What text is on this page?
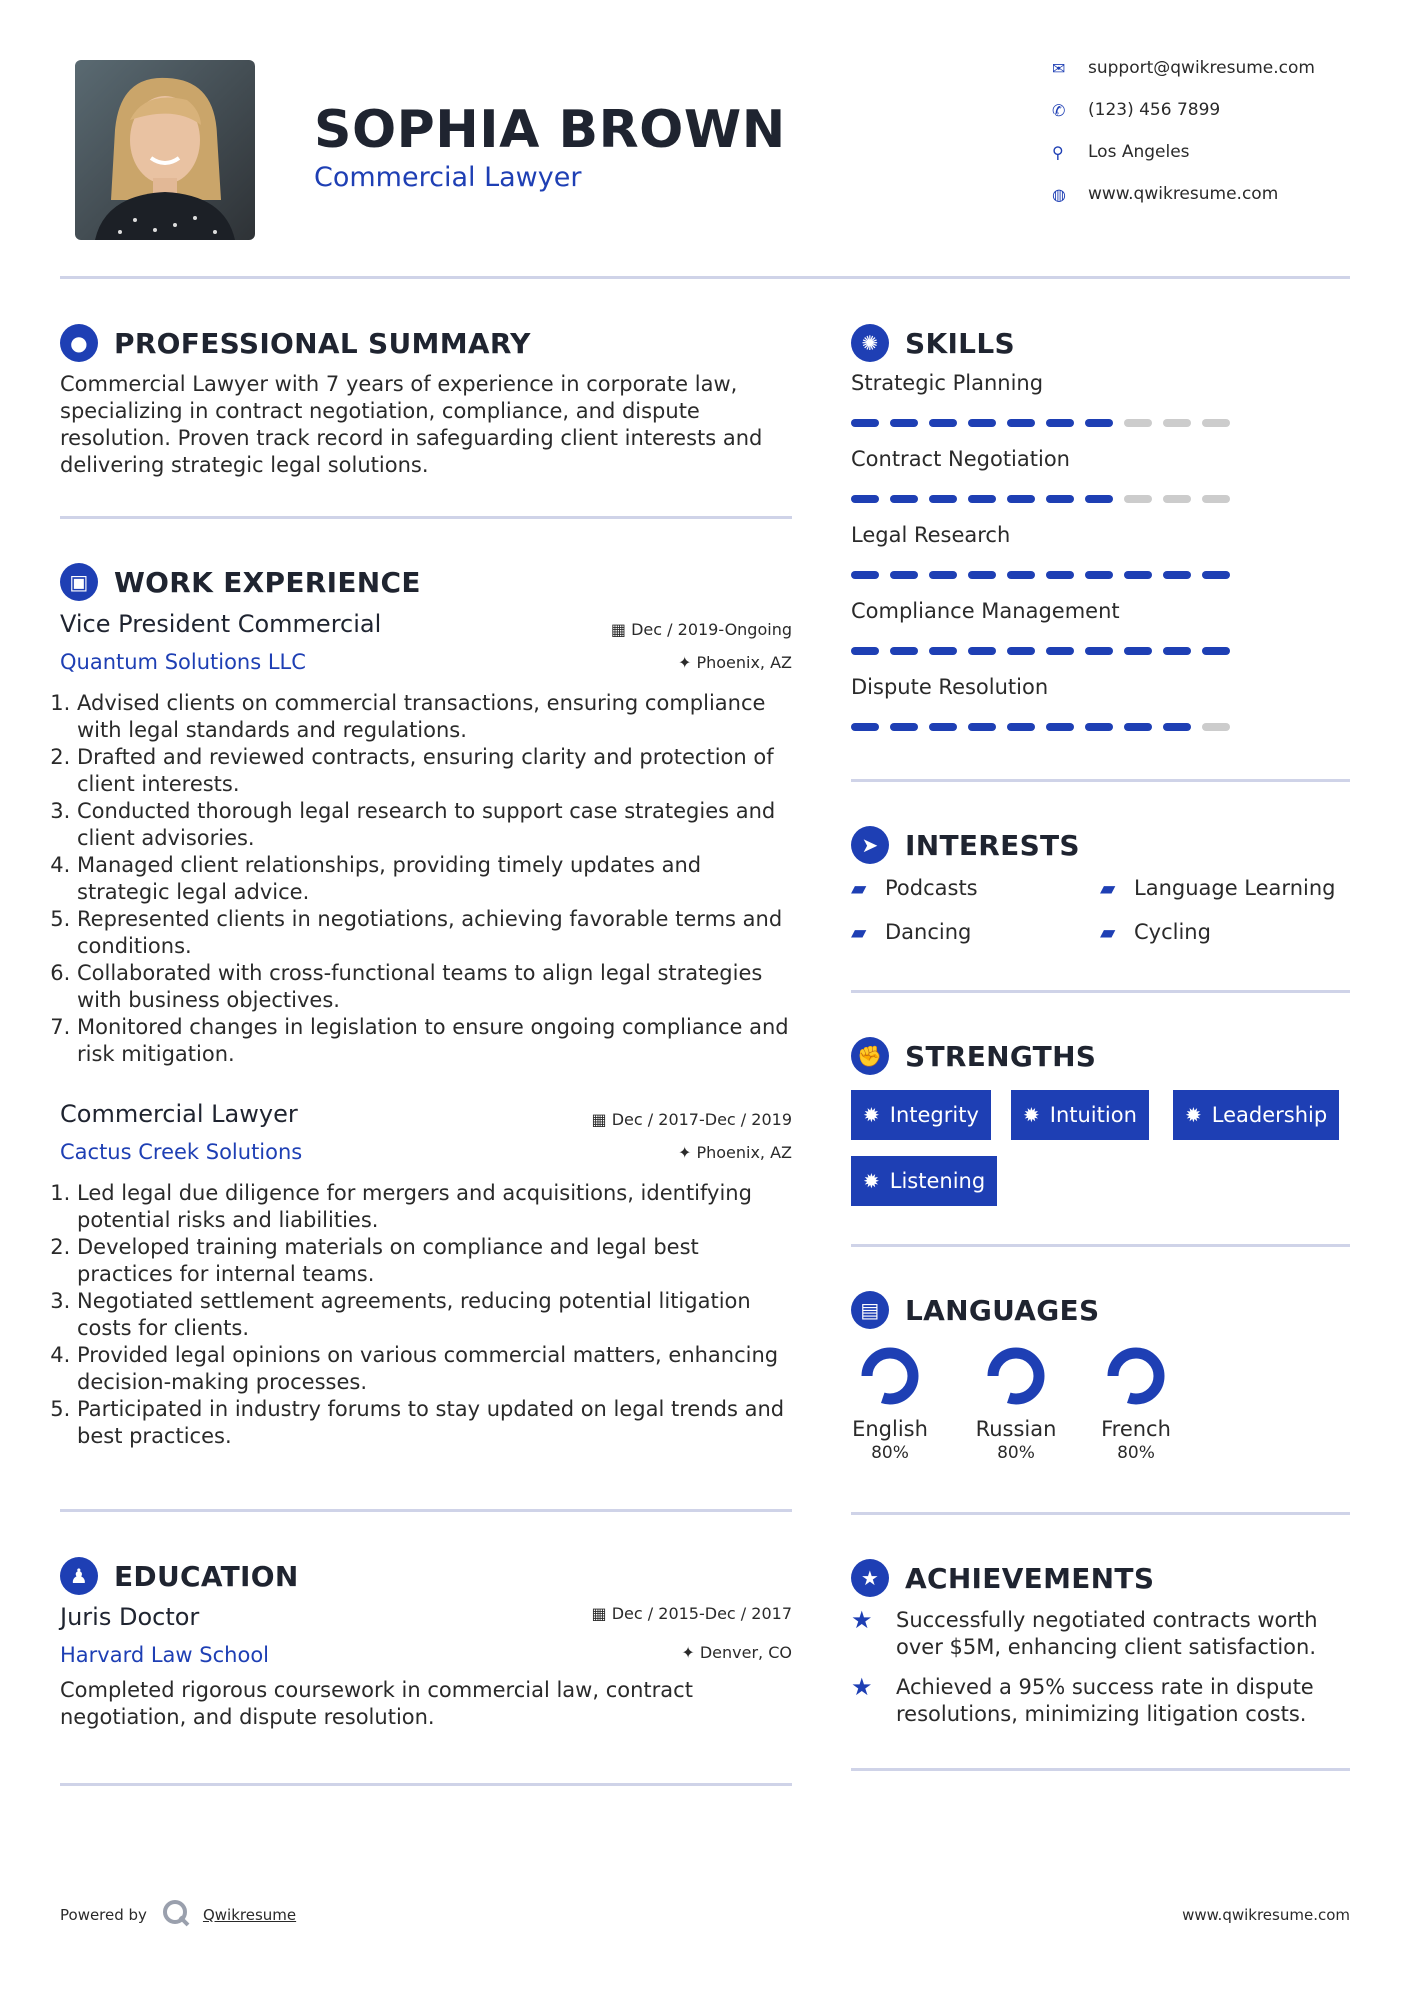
SOPHIA BROWN
Commercial Lawyer
✉	support@qwikresume.com
✆	(123) 456 7899
⚲	Los Angeles
◍	www.qwikresume.com
● PROFESSIONAL SUMMARY
Commercial Lawyer with 7 years of experience in corporate law, specializing in contract negotiation, compliance, and dispute resolution. Proven track record in safeguarding client interests and delivering strategic legal solutions.
▣ WORK EXPERIENCE
Vice President Commercial	▦ Dec / 2019-Ongoing
Quantum Solutions LLC	✦ Phoenix, AZ
1. Advised clients on commercial transactions, ensuring compliance with legal standards and regulations.
2. Drafted and reviewed contracts, ensuring clarity and protection of client interests.
3. Conducted thorough legal research to support case strategies and client advisories.
4. Managed client relationships, providing timely updates and strategic legal advice.
5. Represented clients in negotiations, achieving favorable terms and conditions.
6. Collaborated with cross-functional teams to align legal strategies with business objectives.
7. Monitored changes in legislation to ensure ongoing compliance and risk mitigation.
Commercial Lawyer	▦ Dec / 2017-Dec / 2019
Cactus Creek Solutions	✦ Phoenix, AZ
1. Led legal due diligence for mergers and acquisitions, identifying potential risks and liabilities.
2. Developed training materials on compliance and legal best practices for internal teams.
3. Negotiated settlement agreements, reducing potential litigation costs for clients.
4. Provided legal opinions on various commercial matters, enhancing decision-making processes.
5. Participated in industry forums to stay updated on legal trends and best practices.
♟ EDUCATION
Juris Doctor	▦ Dec / 2015-Dec / 2017
Harvard Law School	✦ Denver, CO
Completed rigorous coursework in commercial law, contract negotiation, and dispute resolution.
✺ SKILLS
Strategic Planning
Contract Negotiation
Legal Research
Compliance Management
Dispute Resolution
➤ INTERESTS
▰ Podcasts	▰ Language Learning
▰ Dancing	▰ Cycling
✊ STRENGTHS
✹ Integrity ✹ Intuition ✹ Leadership
✹ Listening
▤ LANGUAGES
English
80%
Russian
80%
French
80%
★ ACHIEVEMENTS
★	Successfully negotiated contracts worth over $5M, enhancing client satisfaction.
★	Achieved a 95% success rate in dispute resolutions, minimizing litigation costs.
Powered by	Qwikresume	www.qwikresume.com
